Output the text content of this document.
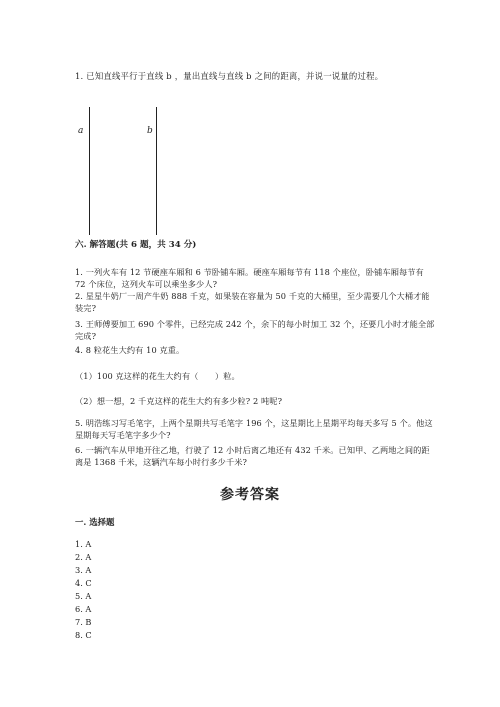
1. 已知直线平行于直线 b ，量出直线与直线 b 之间的距离，并说一说量的过程。
a	b
六. 解答题(共 6 题，共 34 分)
1. 一列火车有 12 节硬座车厢和 6 节卧铺车厢。硬座车厢每节有 118 个座位，卧铺车厢每节有 72 个床位，这列火车可以乘坐多少人?
2. 星星牛奶厂一周产牛奶 888 千克，如果装在容量为 50 千克的大桶里，至少需要几个大桶才能装完?
3. 王师傅要加工 690 个零件，已经完成 242 个，余下的每小时加工 32 个，还要几小时才能全部完成?
4. 8 粒花生大约有 10 克重。
（1）100 克这样的花生大约有（　　）粒。
（2）想一想，2 千克这样的花生大约有多少粒? 2 吨呢?
5. 明浩练习写毛笔字，上两个星期共写毛笔字 196 个，这星期比上星期平均每天多写 5 个。他这星期每天写毛笔字多少个?
6. 一辆汽车从甲地开往乙地，行驶了 12 小时后离乙地还有 432 千米。已知甲、乙两地之间的距离是 1368 千米，这辆汽车每小时行多少千米?
参考答案
一. 选择题
1. A
2. A
3. A
4. C
5. A
6. A
7. B
8. C
